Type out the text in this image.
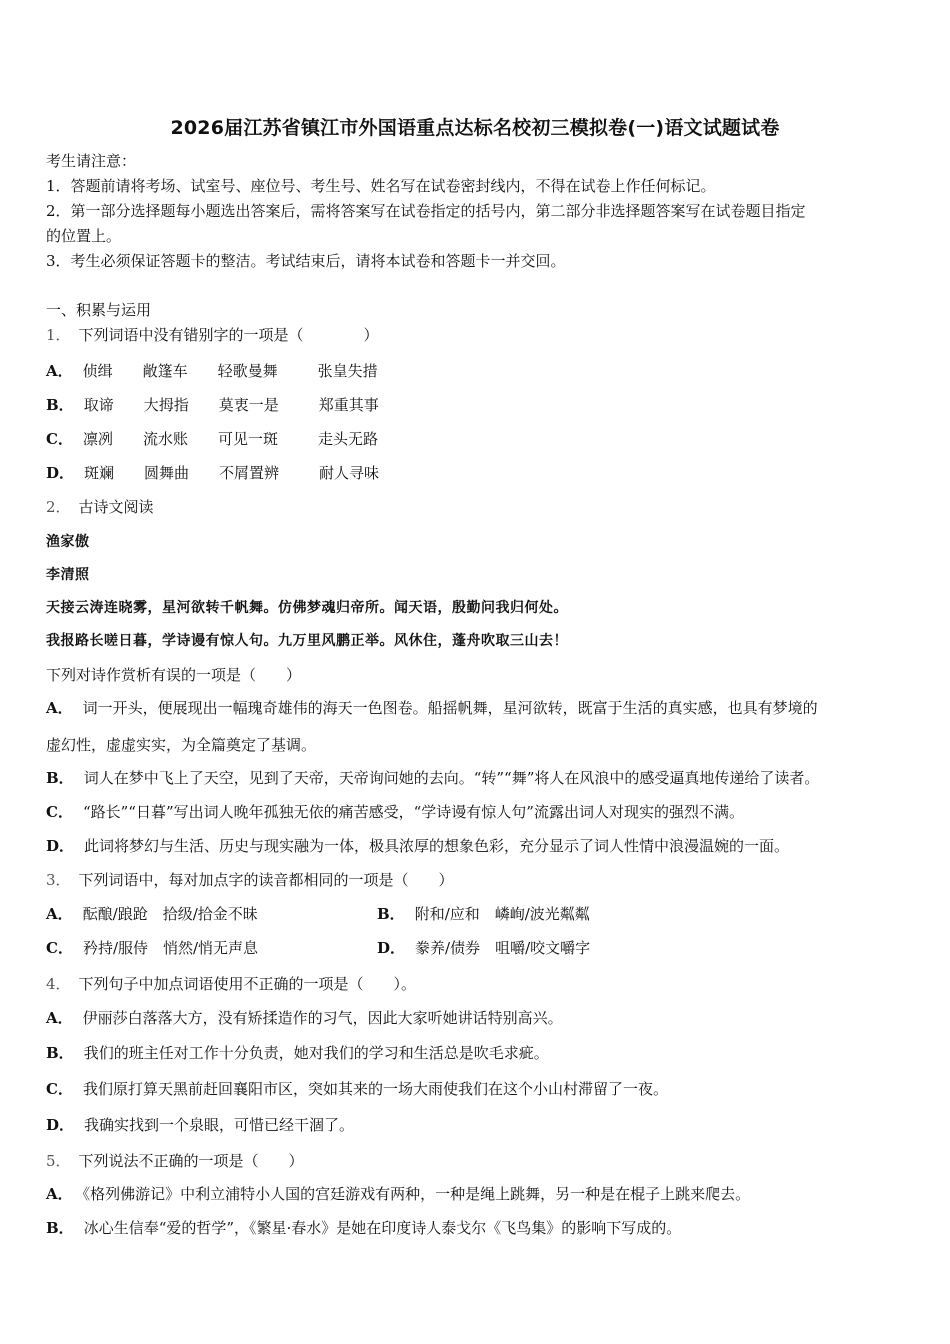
2026届江苏省镇江市外国语重点达标名校初三模拟卷(一)语文试题试卷
考生请注意：
1．答题前请将考场、试室号、座位号、考生号、姓名写在试卷密封线内，不得在试卷上作任何标记。
2．第一部分选择题每小题选出答案后，需将答案写在试卷指定的括号内，第二部分非选择题答案写在试卷题目指定
的位置上。
3．考生必须保证答题卡的整洁。考试结束后，请将本试卷和答题卡一并交回。
一、积累与运用
1． 下列词语中没有错别字的一项是（　　　　）
A． 侦缉 敞篷车 轻歌曼舞	张皇失措
B． 取谛 大拇指 莫衷一是	郑重其事
C． 凛冽 流水账 可见一斑	走头无路
D． 斑斓 圆舞曲 不屑置辨	耐人寻味
2． 古诗文阅读
渔家傲
李清照
天接云涛连晓雾，星河欲转千帆舞。仿佛梦魂归帝所。闻天语，殷勤问我归何处。
我报路长嗟日暮，学诗谩有惊人句。九万里风鹏正举。风休住，蓬舟吹取三山去！
下列对诗作赏析有误的一项是（　　）
A． 词一开头，便展现出一幅瑰奇雄伟的海天一色图卷。船摇帆舞，星河欲转，既富于生活的真实感，也具有梦境的
虚幻性，虚虚实实，为全篇奠定了基调。
B． 词人在梦中飞上了天空，见到了天帝，天帝询问她的去向。“转”“舞”将人在风浪中的感受逼真地传递给了读者。
C． “路长”“日暮”写出词人晚年孤独无依的痛苦感受，“学诗谩有惊人句”流露出词人对现实的强烈不满。
D． 此词将梦幻与生活、历史与现实融为一体，极具浓厚的想象色彩，充分显示了词人性情中浪漫温婉的一面。
3． 下列词语中，每对加点字的读音都相同的一项是（　　）
A． 酝酿/踉跄　拾级/拾金不昧	B． 附和/应和　嶙峋/波光粼粼
C． 矜持/服侍　悄然/悄无声息	D． 豢养/债券　咀嚼/咬文嚼字
4． 下列句子中加点词语使用不正确的一项是（　　）。
A． 伊丽莎白落落大方，没有矫揉造作的习气，因此大家听她讲话特别高兴。
B． 我们的班主任对工作十分负责，她对我们的学习和生活总是吹毛求疵。
C． 我们原打算天黑前赶回襄阳市区，突如其来的一场大雨使我们在这个小山村滞留了一夜。
D． 我确实找到一个泉眼，可惜已经干涸了。
5． 下列说法不正确的一项是（　　）
A． 《格列佛游记》中利立浦特小人国的宫廷游戏有两种，一种是绳上跳舞，另一种是在棍子上跳来爬去。
B． 冰心生信奉“爱的哲学”，《繁星·春水》是她在印度诗人泰戈尔《飞鸟集》的影响下写成的。
